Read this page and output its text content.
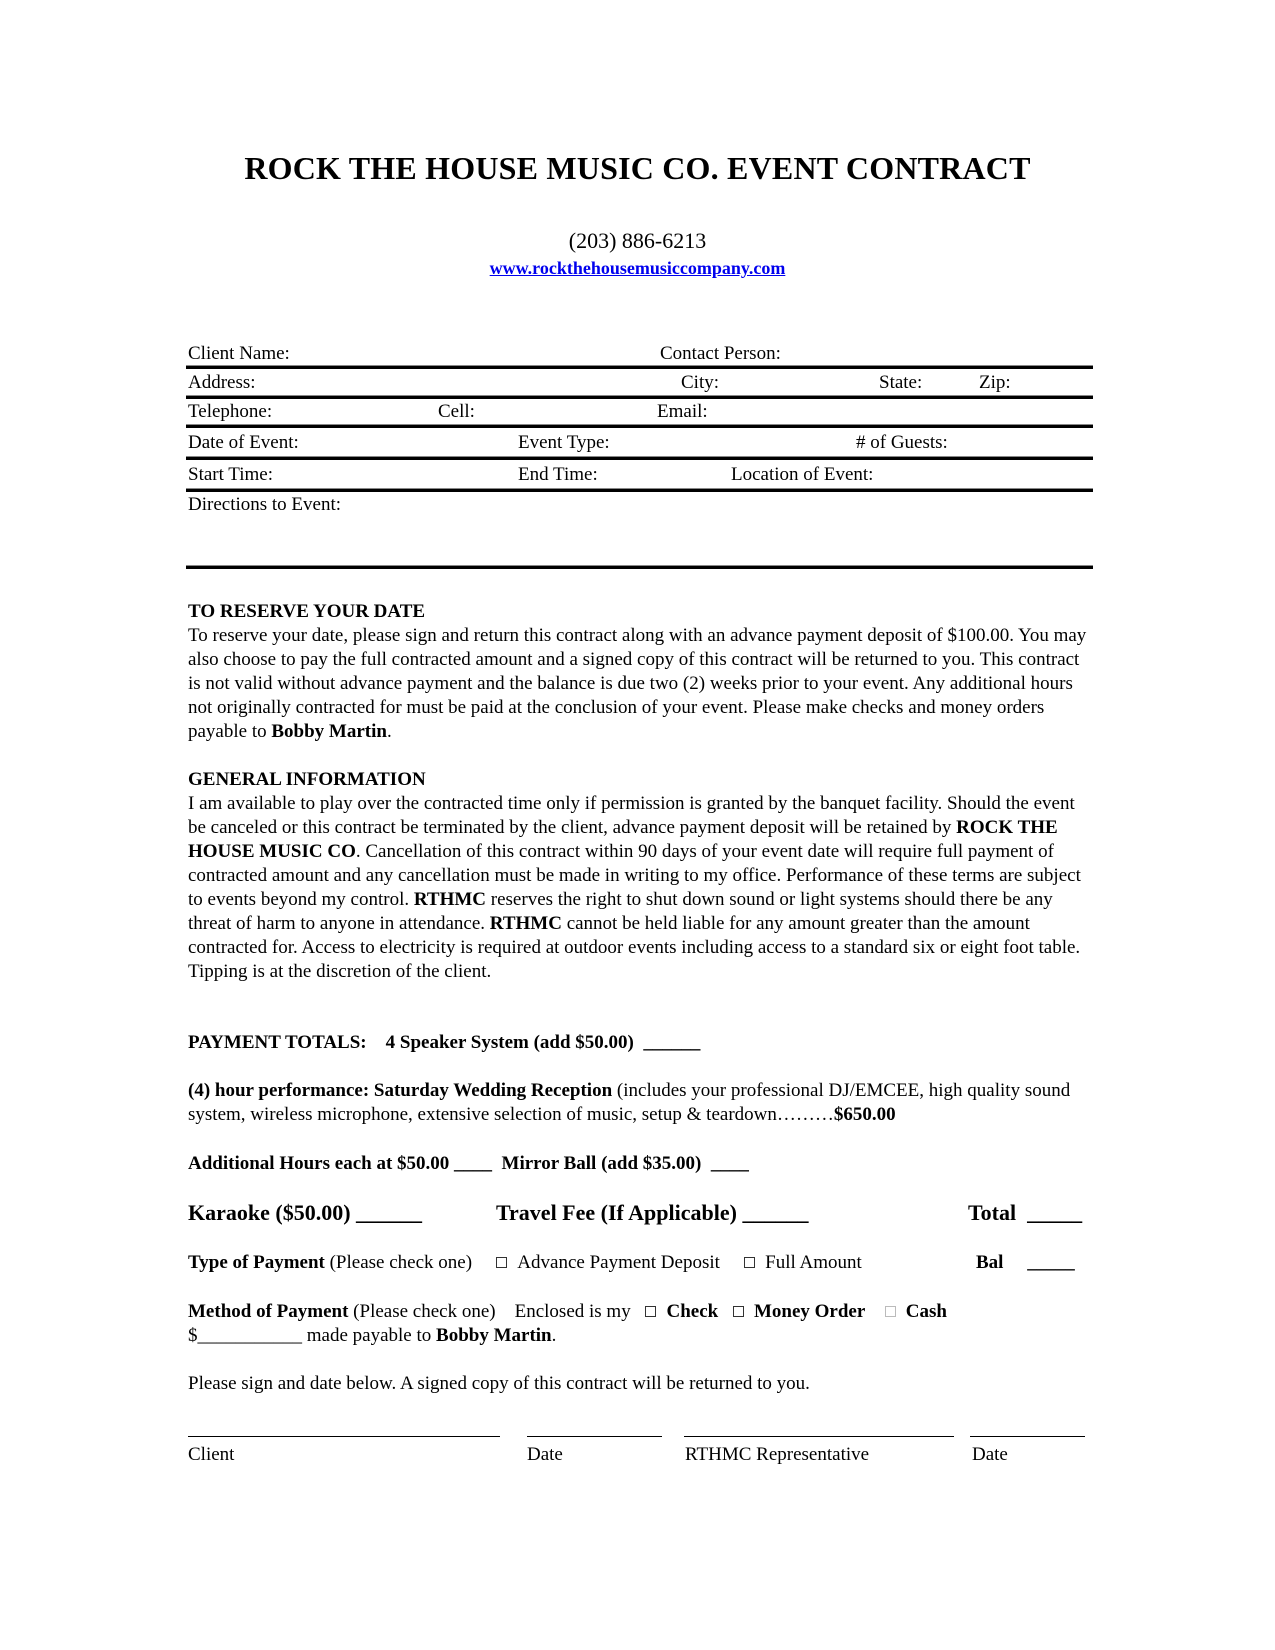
ROCK THE HOUSE MUSIC CO. EVENT CONTRACT
(203) 886-6213
www.rockthehousemusiccompany.com
Client Name:	Contact Person:
Address:	City:	State:	Zip:
Telephone:	Cell:	Email:
Date of Event:	Event Type:	# of Guests:
Start Time:	End Time:	Location of Event:
Directions to Event:
TO RESERVE YOUR DATE

To reserve your date, please sign and return this contract along with an advance payment deposit of $100.00. You may also choose to pay the full contracted amount and a signed copy of this contract will be returned to you. This contract is not valid without advance payment and the balance is due two (2) weeks prior to your event. Any additional hours not originally contracted for must be paid at the conclusion of your event. Please make checks and money orders payable to Bobby Martin.

GENERAL INFORMATION

I am available to play over the contracted time only if permission is granted by the banquet facility. Should the event be canceled or this contract be terminated by the client, advance payment deposit will be retained by ROCK THE HOUSE MUSIC CO. Cancellation of this contract within 90 days of your event date will require full payment of contracted amount and any cancellation must be made in writing to my office. Performance of these terms are subject to events beyond my control. RTHMC reserves the right to shut down sound or light systems should there be any threat of harm to anyone in attendance. RTHMC cannot be held liable for any amount greater than the amount contracted for. Access to electricity is required at outdoor events including access to a standard six or eight foot table. Tipping is at the discretion of the client.

PAYMENT TOTALS: 4 Speaker System (add $50.00) ______
(4) hour performance: Saturday Wedding Reception (includes your professional DJ/EMCEE, high quality sound system, wireless microphone, extensive selection of music, setup & teardown………$650.00
Additional Hours each at $50.00 ____ Mirror Ball (add $35.00) ____
Karaoke ($50.00) ______	Travel Fee (If Applicable) ______	Total _____
Type of Payment (Please check one) Advance Payment Deposit Full Amount	Bal _____
Method of Payment (Please check one) Enclosed is my Check Money Order Cash
$___________ made payable to Bobby Martin.
Please sign and date below. A signed copy of this contract will be returned to you.
Client	Date	RTHMC Representative	Date
